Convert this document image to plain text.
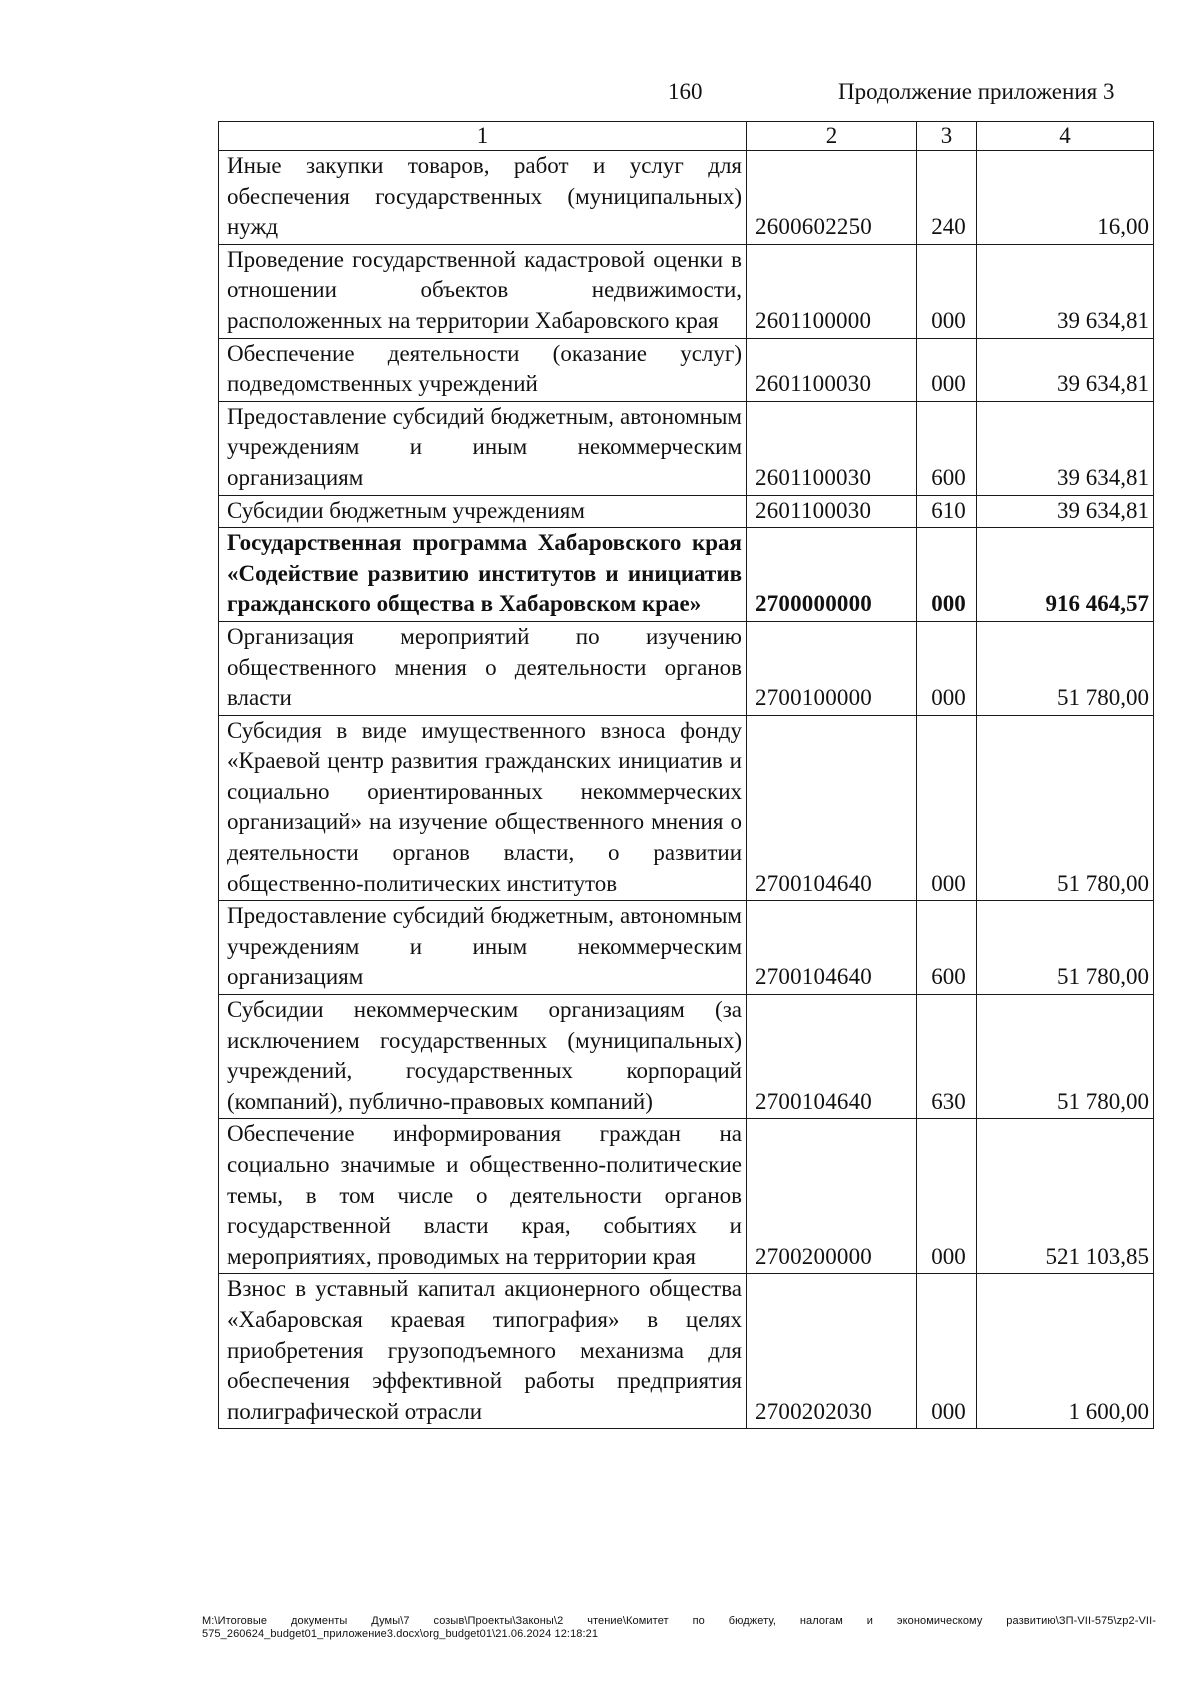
160	Продолжение приложения 3
1	2	3	4
Иные закупки товаров, работ и услуг для обеспечения государственных (муниципальных) нужд	2600602250	240	16,00
Проведение государственной кадастровой оценки в отношении объектов недвижимости, расположенных на территории Хабаровского края	2601100000	000	39 634,81
Обеспечение деятельности (оказание услуг) подведомственных учреждений	2601100030	000	39 634,81
Предоставление субсидий бюджетным, автономным учреждениям и иным некоммерческим организациям	2601100030	600	39 634,81
Субсидии бюджетным учреждениям	2601100030	610	39 634,81
Государственная программа Хабаровского края «Содействие развитию институтов и инициатив гражданского общества в Хабаровском крае»	2700000000	000	916 464,57
Организация мероприятий по изучению общественного мнения о деятельности органов власти	2700100000	000	51 780,00
Субсидия в виде имущественного взноса фонду «Краевой центр развития гражданских инициатив и социально ориентированных некоммерческих организаций» на изучение общественного мнения о деятельности органов власти, о развитии общественно-политических институтов	2700104640	000	51 780,00
Предоставление субсидий бюджетным, автономным учреждениям и иным некоммерческим организациям	2700104640	600	51 780,00
Субсидии некоммерческим организациям (за исключением государственных (муниципальных) учреждений, государственных корпораций (компаний), публично-правовых компаний)	2700104640	630	51 780,00
Обеспечение информирования граждан на социально значимые и общественно-политические темы, в том числе о деятельности органов государственной власти края, событиях и мероприятиях, проводимых на территории края	2700200000	000	521 103,85
Взнос в уставный капитал акционерного общества «Хабаровская краевая типография» в целях приобретения грузоподъемного механизма для обеспечения эффективной работы предприятия полиграфической отрасли	2700202030	000	1 600,00
M:\Итоговые документы Думы\7 созыв\Проекты\Законы\2 чтение\Комитет по бюджету, налогам и экономическому развитию\ЗП-VII-575\zp2-VII-575_260624_budget01_приложение3.docx\org_budget01\21.06.2024 12:18:21
